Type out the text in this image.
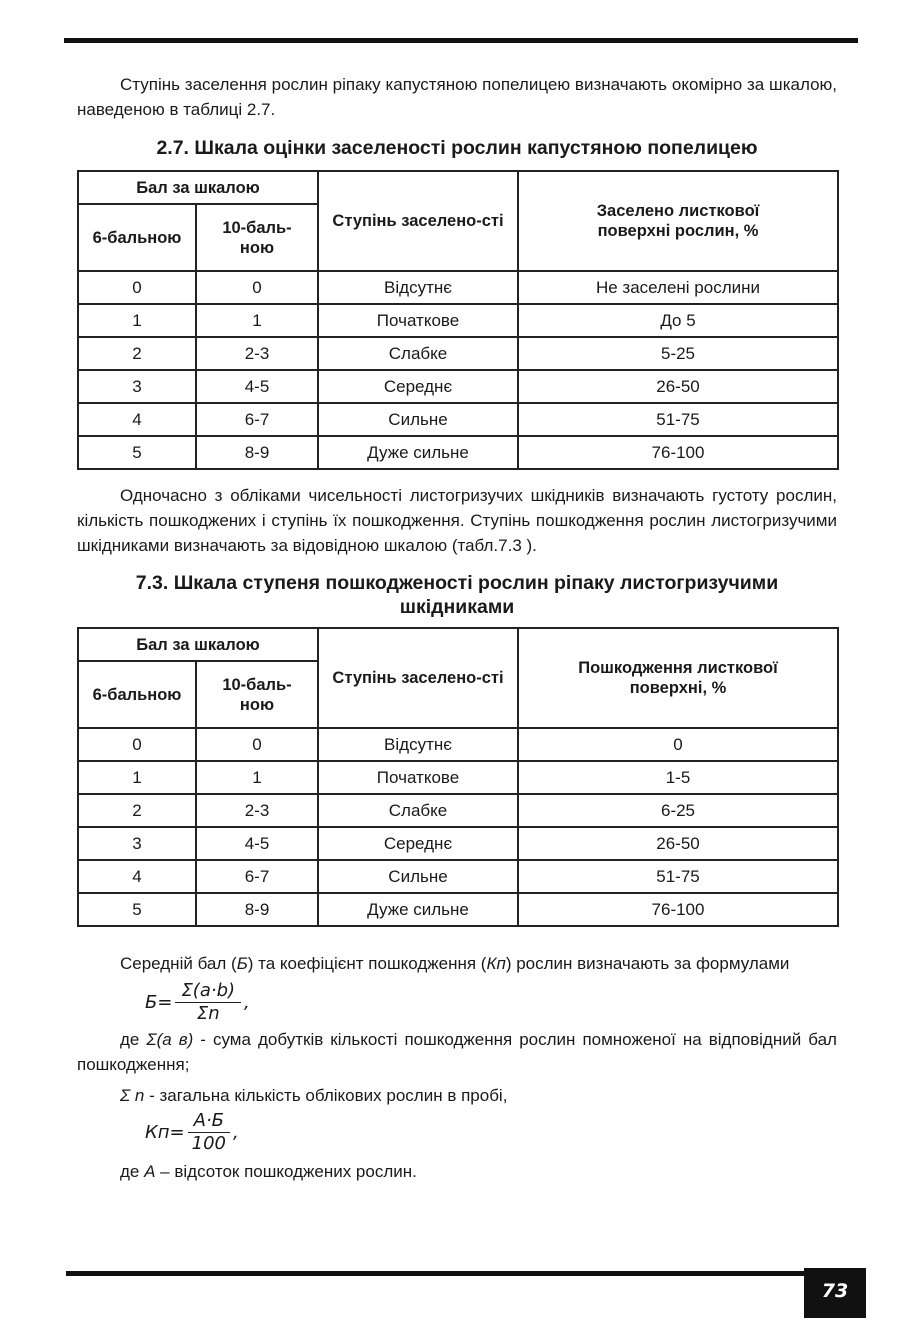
Ступінь заселення рослин ріпаку капустяною попелицею визначають окомірно за шкалою, наведеною в таблиці 2.7.

2.7. Шкала оцінки заселеності рослин капустяною попелицею
Бал за шкалою		Ступінь заселено-сті	Заселено листкової поверхні рослин, %
6-бальною	10-баль-ною		
0	0	Відсутнє	Не заселені рослини
1	1	Початкове	До 5
2	2-3	Слабке	5-25
3	4-5	Середнє	26-50
4	6-7	Сильне	51-75
5	8-9	Дуже сильне	76-100

Одночасно з обліками чисельності листогризучих шкідників визначають густоту рослин, кількість пошкоджених і ступінь їх пошкодження. Ступінь пошкодження рослин листогризучими шкідниками визначають за відовідною шкалою (табл.7.3 ).

7.3. Шкала ступеня пошкодженості рослин ріпаку листогризучими шкідниками
Бал за шкалою		Ступінь заселено-сті	Пошкодження листкової поверхні, %
6-бальною	10-баль-ною		
0	0	Відсутнє	0
1	1	Початкове	1-5
2	2-3	Слабке	6-25
3	4-5	Середнє	26-50
4	6-7	Сильне	51-75
5	8-9	Дуже сильне	76-100

Середній бал (Б) та коефіцієнт пошкодження (Кп) рослин визначають за формулами

$Б= \frac{\Sigma(a\cdot b)}{\Sigma n}$ ,

де Σ(а в) - сума добутків кількості пошкодження рослин помноженої на відповідний бал пошкодження;

Σ n - загальна кількість облікових рослин в пробі,

$Кп= \frac{А\cdot Б}{100}$ ,

де А – відсоток пошкоджених рослин.

73
